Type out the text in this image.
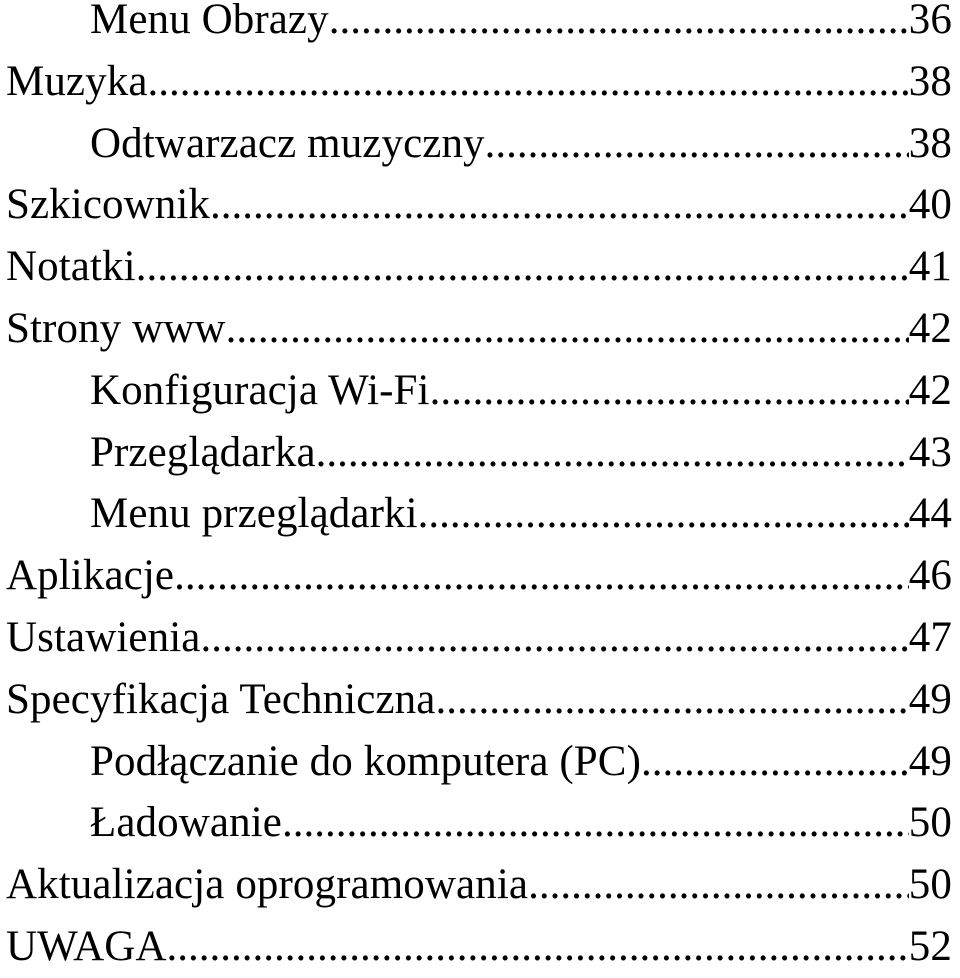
Menu Obrazy .....	36
Muzyka .....	38
Odtwarzacz muzyczny .....	38
Szkicownik .....	40
Notatki .....	41
Strony www .....	42
Konfiguracja Wi-Fi .....	42
Przeglądarka .....	43
Menu przeglądarki .....	44
Aplikacje .....	46
Ustawienia .....	47
Specyfikacja Techniczna .....	49
Podłączanie do komputera (PC) .....	49
Ładowanie .....	50
Aktualizacja oprogramowania .....	50
UWAGA .....	52
